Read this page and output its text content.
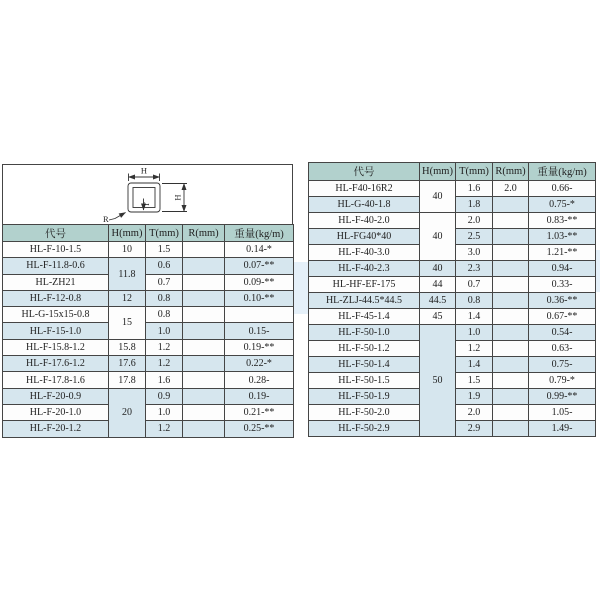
H
H
T
R
代号	H(mm)	T(mm)	R(mm)	重量(kg/m)
HL-F-10-1.5	10	1.5		0.14-*
HL-F-11.8-0.6	11.8	0.6		0.07-**
HL-ZH21		0.7		0.09-**
HL-F-12-0.8	12	0.8		0.10-**
HL-G-15x15-0.8	15	0.8		
HL-F-15-1.0		1.0		0.15-
HL-F-15.8-1.2	15.8	1.2		0.19-**
HL-F-17.6-1.2	17.6	1.2		0.22-*
HL-F-17.8-1.6	17.8	1.6		0.28-
HL-F-20-0.9	20	0.9		0.19-
HL-F-20-1.0		1.0		0.21-**
HL-F-20-1.2		1.2		0.25-**
代号	H(mm)	T(mm)	R(mm)	重量(kg/m)
HL-F40-16R2	40	1.6	2.0	0.66-
HL-G-40-1.8		1.8		0.75-*
HL-F-40-2.0	40	2.0		0.83-**
HL-FG40*40		2.5		1.03-**
HL-F-40-3.0		3.0		1.21-**
HL-F-40-2.3	40	2.3		0.94-
HL-HF-EF-175	44	0.7		0.33-
HL-ZLJ-44.5*44.5	44.5	0.8		0.36-**
HL-F-45-1.4	45	1.4		0.67-**
HL-F-50-1.0	50	1.0		0.54-
HL-F-50-1.2		1.2		0.63-
HL-F-50-1.4		1.4		0.75-
HL-F-50-1.5		1.5		0.79-*
HL-F-50-1.9		1.9		0.99-**
HL-F-50-2.0		2.0		1.05-
HL-F-50-2.9		2.9		1.49-
